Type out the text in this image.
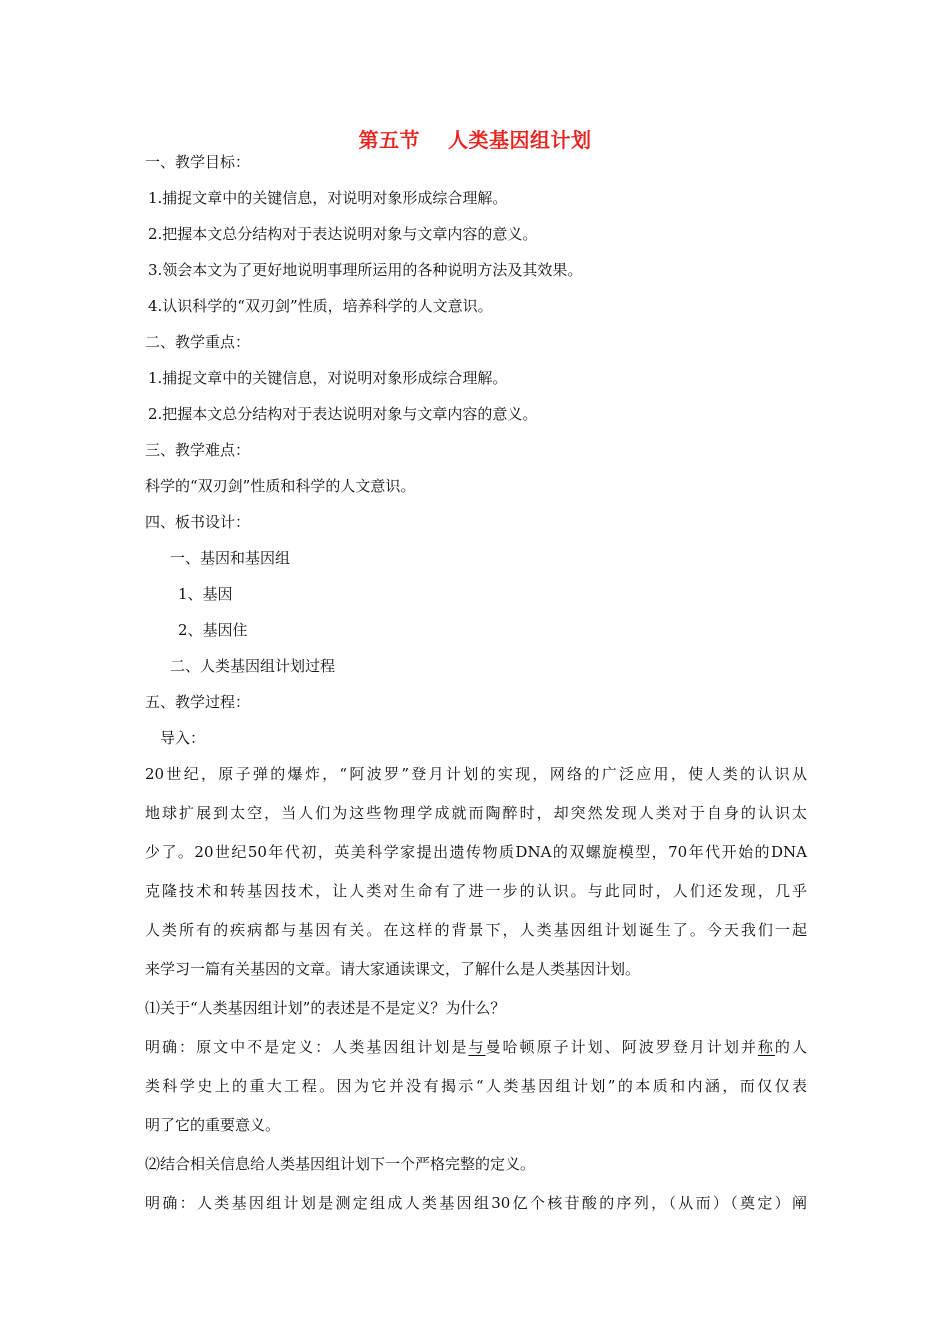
第五节 人类基因组计划
一、教学目标：
1.捕捉文章中的关键信息，对说明对象形成综合理解。
2.把握本文总分结构对于表达说明对象与文章内容的意义。
3.领会本文为了更好地说明事理所运用的各种说明方法及其效果。
4.认识科学的“双刃剑”性质，培养科学的人文意识。
二、教学重点：
1.捕捉文章中的关键信息，对说明对象形成综合理解。
2.把握本文总分结构对于表达说明对象与文章内容的意义。
三、教学难点：
科学的“双刃剑”性质和科学的人文意识。
四、板书设计：
一、基因和基因组
1、基因
2、基因住
二、人类基因组计划过程
五、教学过程：
导入：
20世纪，原子弹的爆炸，“阿波罗”登月计划的实现，网络的广泛应用，使人类的认识从
地球扩展到太空，当人们为这些物理学成就而陶醉时，却突然发现人类对于自身的认识太
少了。20世纪50年代初，英美科学家提出遗传物质DNA的双螺旋模型，70年代开始的DNA
克隆技术和转基因技术，让人类对生命有了进一步的认识。与此同时，人们还发现，几乎
人类所有的疾病都与基因有关。在这样的背景下，人类基因组计划诞生了。今天我们一起
来学习一篇有关基因的文章。请大家通读课文，了解什么是人类基因计划。
⑴关于“人类基因组计划”的表述是不是定义？为什么？
明确：原文中不是定义：人类基因组计划是与曼哈顿原子计划、阿波罗登月计划并称的人
类科学史上的重大工程。因为它并没有揭示“人类基因组计划”的本质和内涵，而仅仅表
明了它的重要意义。
⑵结合相关信息给人类基因组计划下一个严格完整的定义。
明确：人类基因组计划是测定组成人类基因组30亿个核苷酸的序列，（从而）（奠定）阐
